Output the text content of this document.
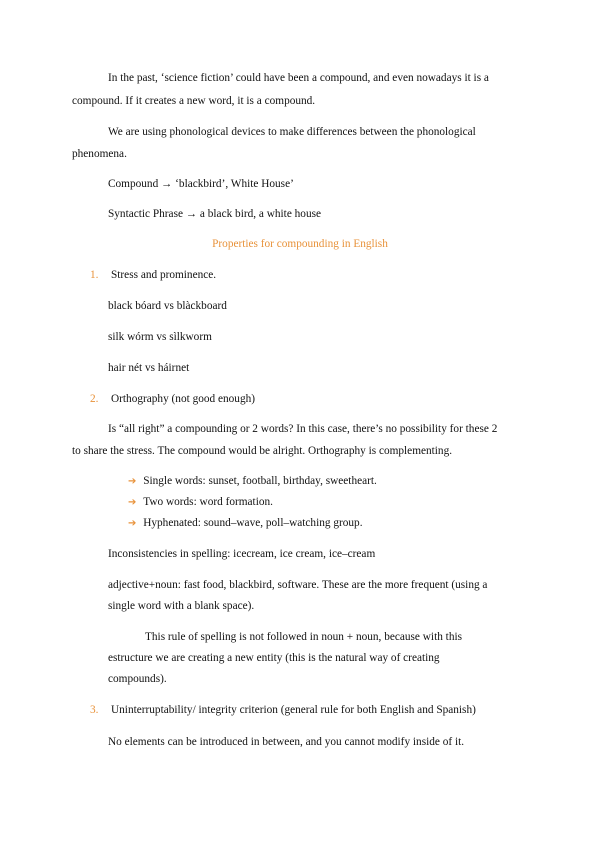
In the past, ‘science fiction’ could have been a compound, and even nowadays it is a
compound. If it creates a new word, it is a compound.
We are using phonological devices to make differences between the phonological
phenomena.
Compound → ‘blackbird’, White House’
Syntactic Phrase → a black bird, a white house
Properties for compounding in English
1. Stress and prominence.
black bóard vs blàckboard
silk wórm vs sìlkworm
hair nét vs háirnet
2. Orthography (not good enough)
Is “all right” a compounding or 2 words? In this case, there’s no possibility for these 2
to share the stress. The compound would be alright. Orthography is complementing.
➔ Single words: sunset, football, birthday, sweetheart.
➔ Two words: word formation.
➔ Hyphenated: sound–wave, poll–watching group.
Inconsistencies in spelling: icecream, ice cream, ice–cream
adjective+noun: fast food, blackbird, software. These are the more frequent (using a
single word with a blank space).
This rule of spelling is not followed in noun + noun, because with this
estructure we are creating a new entity (this is the natural way of creating
compounds).
3. Uninterruptability/ integrity criterion (general rule for both English and Spanish)
No elements can be introduced in between, and you cannot modify inside of it.
